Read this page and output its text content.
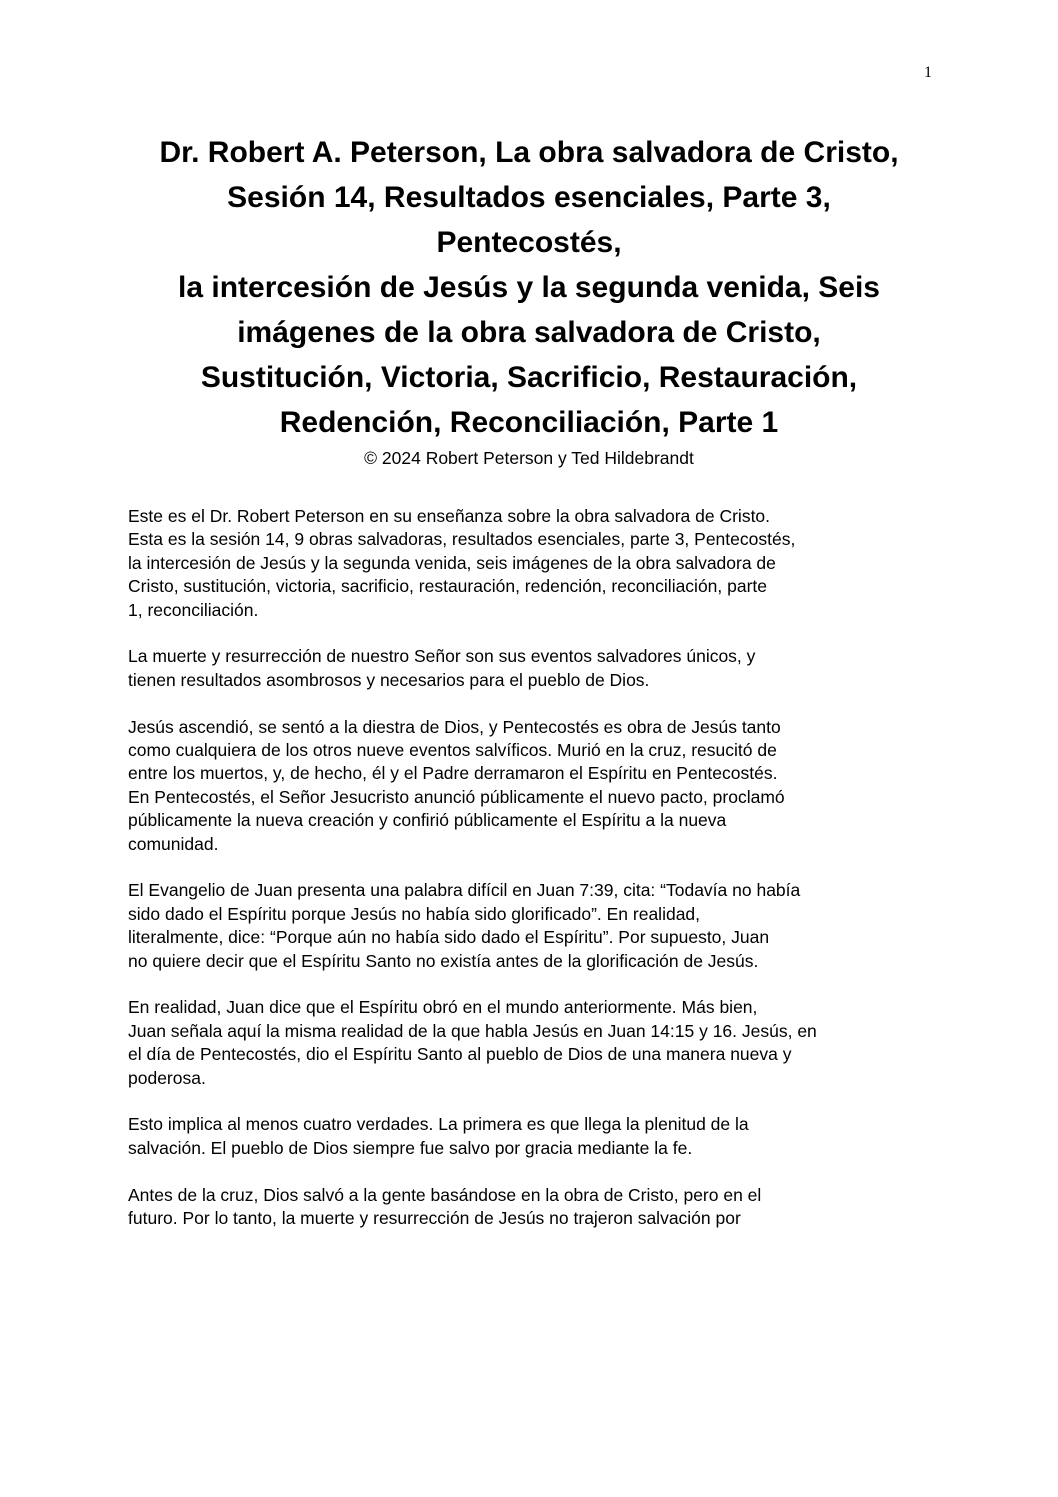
1
Dr. Robert A. Peterson, La obra salvadora de Cristo,
Sesión 14, Resultados esenciales, Parte 3,
Pentecostés,
la intercesión de Jesús y la segunda venida, Seis
imágenes de la obra salvadora de Cristo,
Sustitución, Victoria, Sacrificio, Restauración,
Redención, Reconciliación, Parte 1
© 2024 Robert Peterson y Ted Hildebrandt

Este es el Dr. Robert Peterson en su enseñanza sobre la obra salvadora de Cristo.
Esta es la sesión 14, 9 obras salvadoras, resultados esenciales, parte 3, Pentecostés,
la intercesión de Jesús y la segunda venida, seis imágenes de la obra salvadora de
Cristo, sustitución, victoria, sacrificio, restauración, redención, reconciliación, parte
1, reconciliación.

La muerte y resurrección de nuestro Señor son sus eventos salvadores únicos, y
tienen resultados asombrosos y necesarios para el pueblo de Dios.

Jesús ascendió, se sentó a la diestra de Dios, y Pentecostés es obra de Jesús tanto
como cualquiera de los otros nueve eventos salvíficos. Murió en la cruz, resucitó de
entre los muertos, y, de hecho, él y el Padre derramaron el Espíritu en Pentecostés.
En Pentecostés, el Señor Jesucristo anunció públicamente el nuevo pacto, proclamó
públicamente la nueva creación y confirió públicamente el Espíritu a la nueva
comunidad.

El Evangelio de Juan presenta una palabra difícil en Juan 7:39, cita: “Todavía no había
sido dado el Espíritu porque Jesús no había sido glorificado”. En realidad,
literalmente, dice: “Porque aún no había sido dado el Espíritu”. Por supuesto, Juan
no quiere decir que el Espíritu Santo no existía antes de la glorificación de Jesús.

En realidad, Juan dice que el Espíritu obró en el mundo anteriormente. Más bien,
Juan señala aquí la misma realidad de la que habla Jesús en Juan 14:15 y 16. Jesús, en
el día de Pentecostés, dio el Espíritu Santo al pueblo de Dios de una manera nueva y
poderosa.

Esto implica al menos cuatro verdades. La primera es que llega la plenitud de la
salvación. El pueblo de Dios siempre fue salvo por gracia mediante la fe.

Antes de la cruz, Dios salvó a la gente basándose en la obra de Cristo, pero en el
futuro. Por lo tanto, la muerte y resurrección de Jesús no trajeron salvación por
